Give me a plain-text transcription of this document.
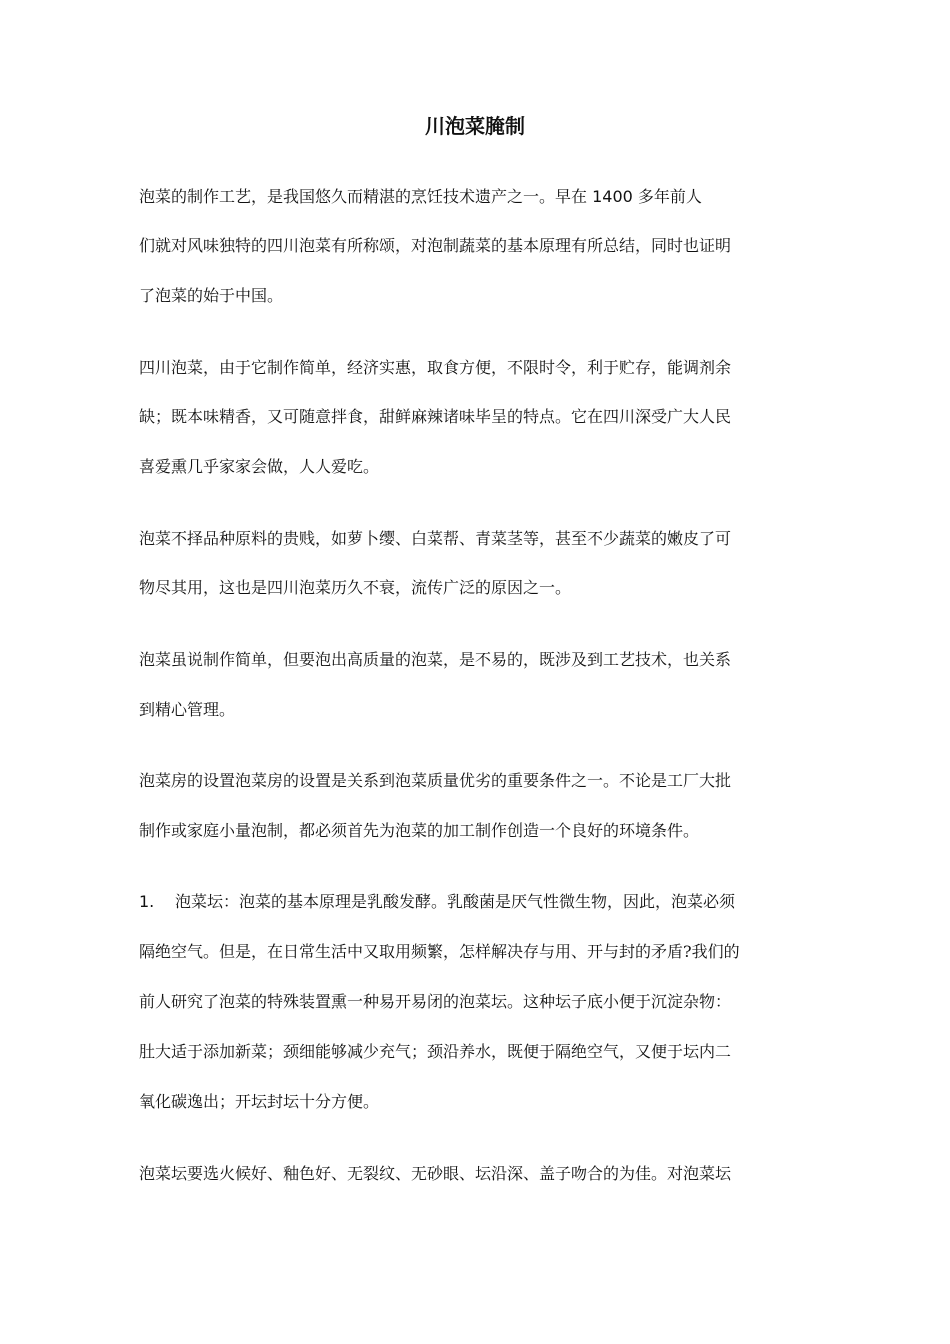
川泡菜腌制

泡菜的制作工艺，是我国悠久而精湛的烹饪技术遗产之一。早在 1400 多年前人

们就对风味独特的四川泡菜有所称颂，对泡制蔬菜的基本原理有所总结，同时也证明

了泡菜的始于中国。

四川泡菜，由于它制作简单，经济实惠，取食方便，不限时令，利于贮存，能调剂余

缺；既本味精香，又可随意拌食，甜鲜麻辣诸味毕呈的特点。它在四川深受广大人民

喜爱熏几乎家家会做，人人爱吃。

泡菜不择品种原料的贵贱，如萝卜缨、白菜帮、青菜茎等，甚至不少蔬菜的嫩皮了可

物尽其用，这也是四川泡菜历久不衰，流传广泛的原因之一。

泡菜虽说制作简单，但要泡出高质量的泡菜，是不易的，既涉及到工艺技术，也关系

到精心管理。

泡菜房的设置泡菜房的设置是关系到泡菜质量优劣的重要条件之一。不论是工厂大批

制作或家庭小量泡制，都必须首先为泡菜的加工制作创造一个良好的环境条件。

1. 泡菜坛：泡菜的基本原理是乳酸发酵。乳酸菌是厌气性微生物，因此，泡菜必须

隔绝空气。但是，在日常生活中又取用频繁，怎样解决存与用、开与封的矛盾?我们的

前人研究了泡菜的特殊装置熏一种易开易闭的泡菜坛。这种坛子底小便于沉淀杂物：

肚大适于添加新菜；颈细能够减少充气；颈沿养水，既便于隔绝空气，又便于坛内二

氧化碳逸出；开坛封坛十分方便。

泡菜坛要选火候好、釉色好、无裂纹、无砂眼、坛沿深、盖子吻合的为佳。对泡菜坛
